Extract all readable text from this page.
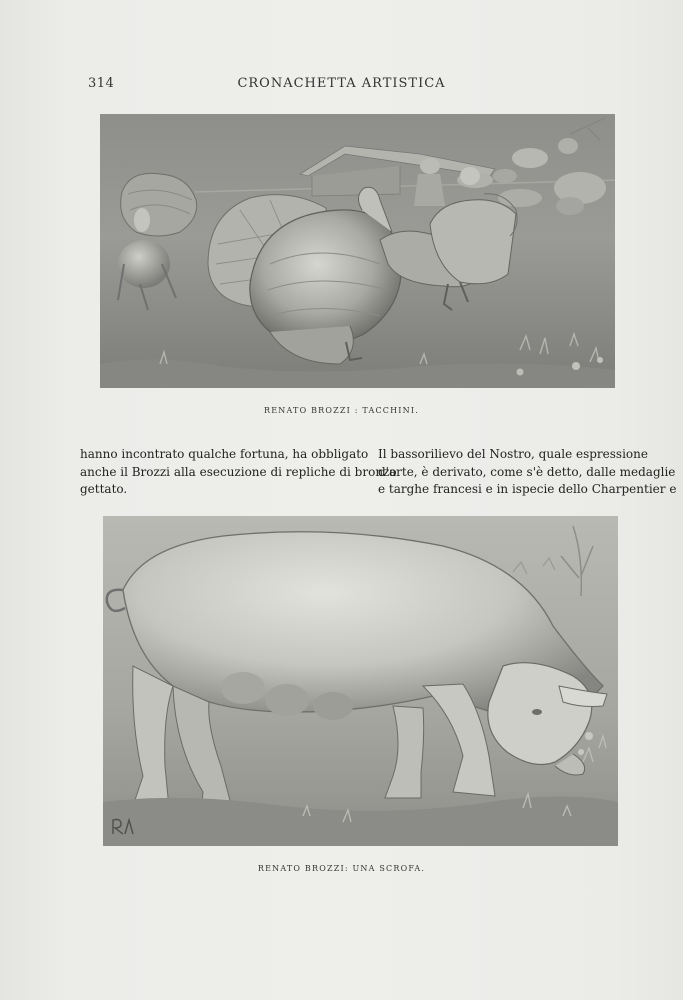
314	CRONACHETTA ARTISTICA
RENATO BROZZI : TACCHINI.
hanno incontrato qualche fortuna, ha obbligato
anche il Brozzi alla esecuzione di repliche di bronzo
gettato.
Il bassorilievo del Nostro, quale espressione
d'arte, è derivato, come s'è detto, dalle medaglie
e targhe francesi e in ispecie dello Charpentier e
RENATO BROZZI: UNA SCROFA.
